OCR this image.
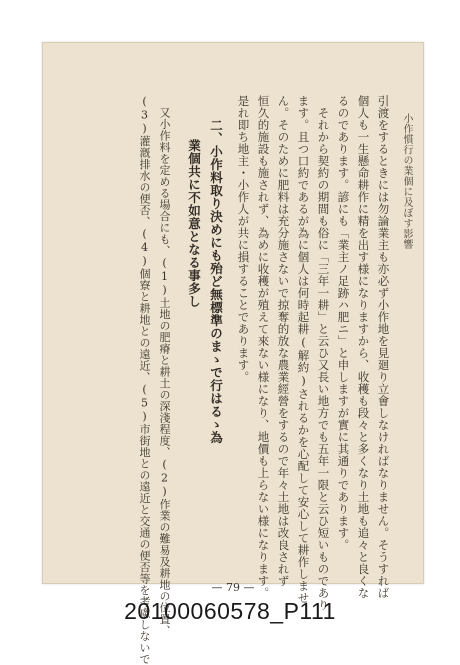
小作慣行の業個に及ぼす影響
引渡をするときには勿論業主も亦必ず小作地を見廻り立會しなければなりません。そうすれば
個人も一生懸命耕作に精を出す様になりますから、收穫も段々と多くなり土地も追々と良くな
るのであります。諺にも「業主ノ足跡ハ肥ニ」と申しますが實に其通りであります。
それから契約の期間も俗に「三年一耕」と云ひ又長い地方でも五年一限と云ひ短いものであり
ます。且つ口約であるが為に個人は何時起耕(解約)されるかを心配して安心して耕作しませ
ん。そのために肥料は充分施さないで掠奪的放な農業經營をするので年々土地は改良されず
恒久的施設も施されず、為めに收穫が殖えて來ない様になり、地價も上らない様になります。
是れ即ち地主・小作人が共に損することであります。
二、小作料取り決めにも殆ど無標準のまゝで行はるゝ為
業個共に不如意となる事多し
又小作料を定める場合にも、(1)土地の肥瘠と耕土の深淺程度、(2)作業の難易及耕地の位置、
(3)灌漑排水の便否、(4)個寮と耕地との遠近、(5)市街地との遠近と交通の便否等を考慮しないで	— 79 —
20100060578_P111
